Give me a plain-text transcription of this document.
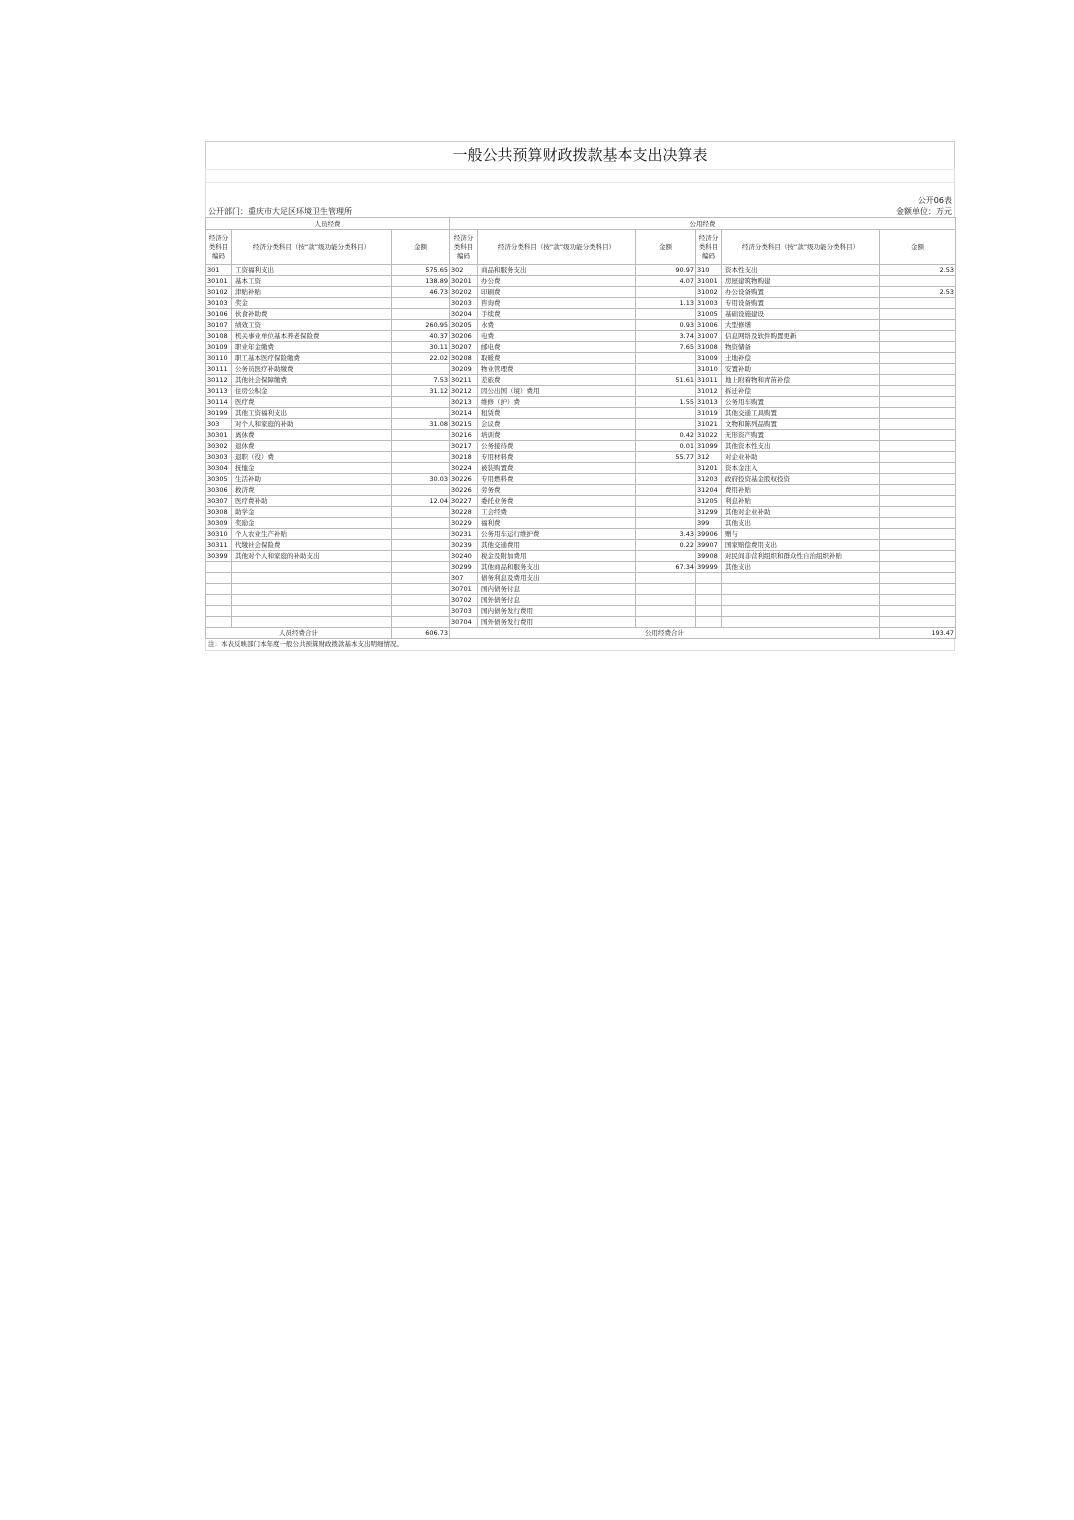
一般公共预算财政拨款基本支出决算表
公开06表
公开部门：重庆市大足区环境卫生管理所	金额单位：万元
人员经费			公用经费					
经济分类科目编码	经济分类科目（按“款”级功能分类科目）	金额	经济分类科目编码	经济分类科目（按“款”级功能分类科目）	金额	经济分类科目编码	经济分类科目（按“款”级功能分类科目）	金额
301	工资福利支出	575.65	302	商品和服务支出	90.97	310	资本性支出	2.53
30101	基本工资	138.89	30201	办公费	4.07	31001	房屋建筑物购建	
30102	津贴补贴	46.73	30202	印刷费		31002	办公设备购置	2.53
30103	奖金		30203	咨询费	1.13	31003	专用设备购置	
30106	伙食补助费		30204	手续费		31005	基础设施建设	
30107	绩效工资	260.95	30205	水费	0.93	31006	大型修缮	
30108	机关事业单位基本养老保险费	40.37	30206	电费	3.74	31007	信息网络及软件购置更新	
30109	职业年金缴费	30.11	30207	邮电费	7.65	31008	物资储备	
30110	职工基本医疗保险缴费	22.02	30208	取暖费		31009	土地补偿	
30111	公务员医疗补助缴费		30209	物业管理费		31010	安置补助	
30112	其他社会保障缴费	7.53	30211	差旅费	51.61	31011	地上附着物和青苗补偿	
30113	住房公积金	31.12	30212	因公出国（境）费用		31012	拆迁补偿	
30114	医疗费		30213	维修（护）费	1.55	31013	公务用车购置	
30199	其他工资福利支出		30214	租赁费		31019	其他交通工具购置	
303	对个人和家庭的补助	31.08	30215	会议费		31021	文物和陈列品购置	
30301	离休费		30216	培训费	0.42	31022	无形资产购置	
30302	退休费		30217	公务接待费	0.01	31099	其他资本性支出	
30303	退职（役）费		30218	专用材料费	55.77	312	对企业补助	
30304	抚恤金		30224	被装购置费		31201	资本金注入	
30305	生活补助	30.03	30226	专用燃料费		31203	政府投资基金股权投资	
30306	救济费		30226	劳务费		31204	费用补贴	
30307	医疗费补助	12.04	30227	委托业务费		31205	利息补贴	
30308	助学金		30228	工会经费		31299	其他对企业补助	
30309	奖励金		30229	福利费		399	其他支出	
30310	个人农业生产补贴		30231	公务用车运行维护费	3.43	39906	赠与	
30311	代缴社会保险费		30239	其他交通费用	0.22	39907	国家赔偿费用支出	
30399	其他对个人和家庭的补助支出		30240	税金及附加费用		39908	对民间非营利组织和群众性自治组织补贴	
			30299	其他商品和服务支出	67.34	39999	其他支出	
			307	债务利息及费用支出				
			30701	国内债务付息				
			30702	国外债务付息				
			30703	国内债务发行费用				
			30704	国外债务发行费用				
人员经费合计		606.73	公用经费合计					193.47
注：本表反映部门本年度一般公共预算财政拨款基本支出明细情况。
